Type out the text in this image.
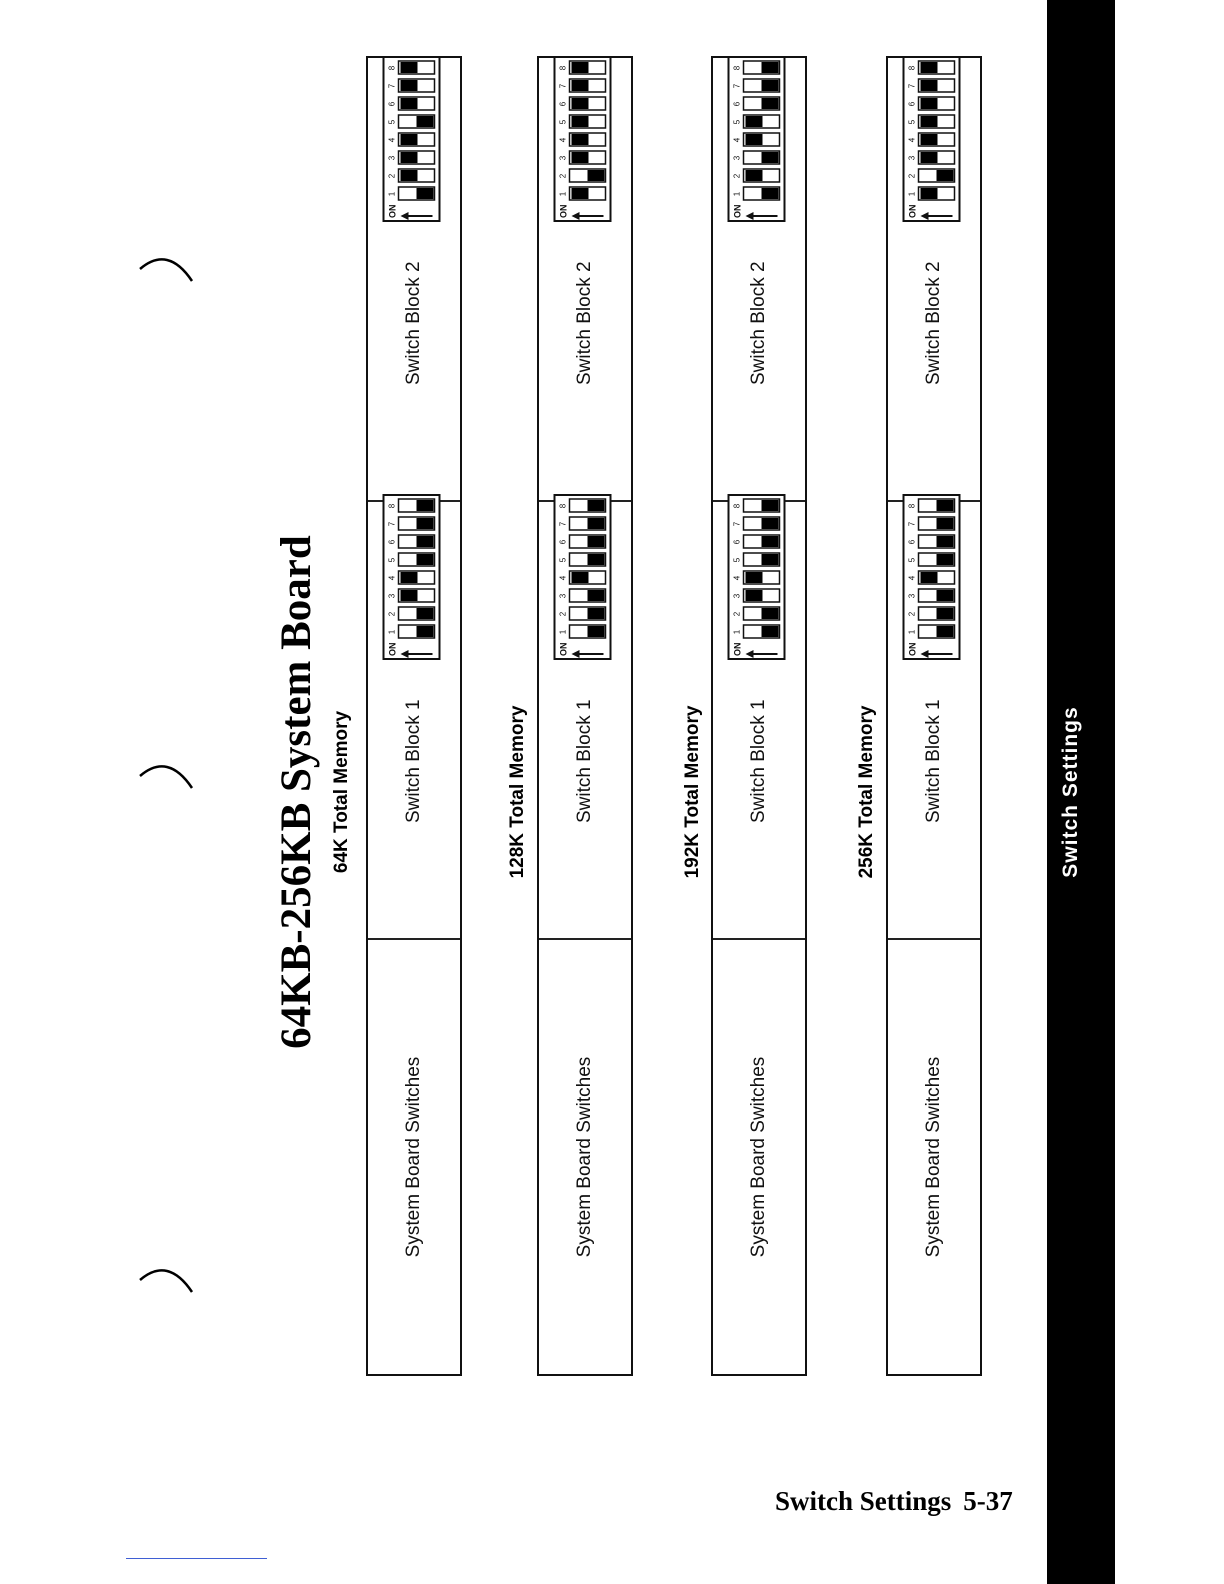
64KB-256KB System Board	Switch Settings
64K Total Memory
System Board Switches
Switch Block 1
ON
1
2
3
4
5
6
7
8
Switch Block 2
ON
1
2
3
4
5
6
7
8
128K Total Memory
System Board Switches
Switch Block 1
ON
1
2
3
4
5
6
7
8
Switch Block 2
ON
1
2
3
4
5
6
7
8
192K Total Memory
System Board Switches
Switch Block 1
ON
1
2
3
4
5
6
7
8
Switch Block 2
ON
1
2
3
4
5
6
7
8
256K Total Memory
System Board Switches
Switch Block 1
ON
1
2
3
4
5
6
7
8
Switch Block 2
ON
1
2
3
4
5
6
7
8
Switch Settings 5-37
